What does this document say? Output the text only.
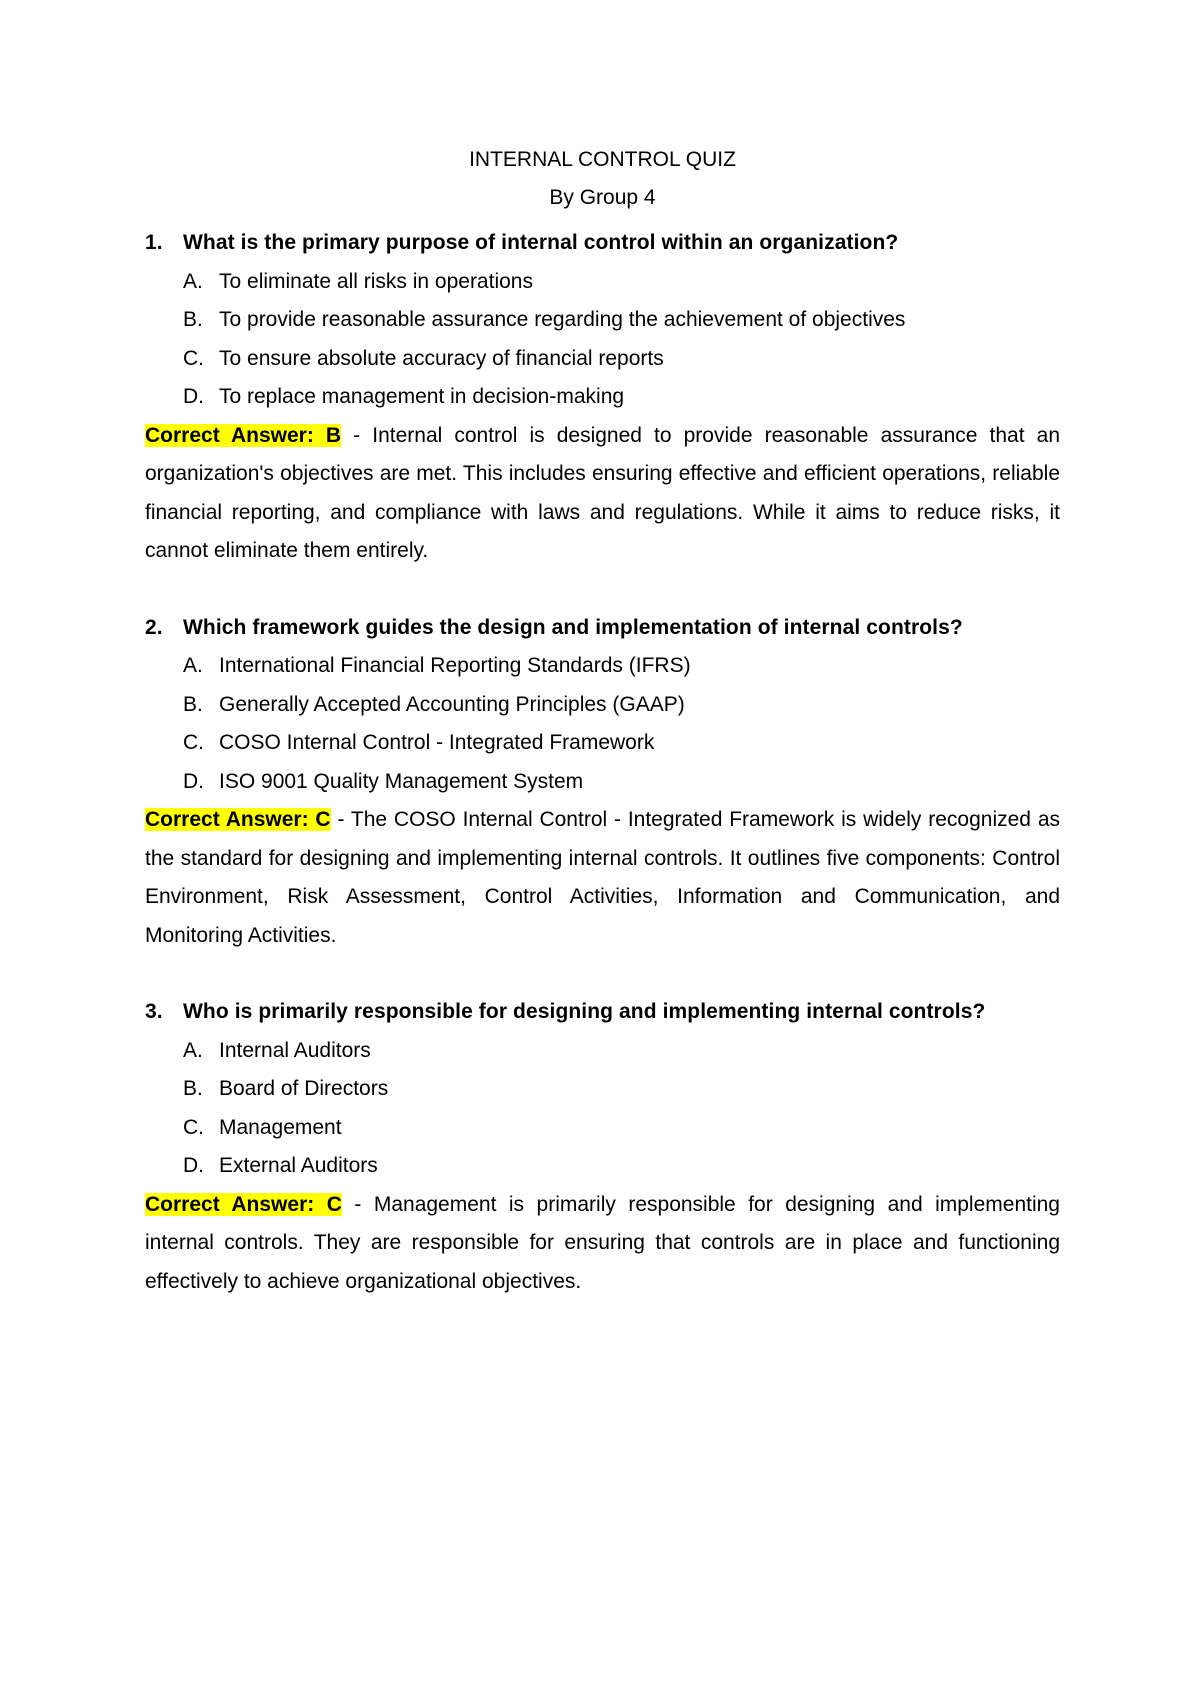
INTERNAL CONTROL QUIZ

By Group 4

1. What is the primary purpose of internal control within an organization?
A. To eliminate all risks in operations
B. To provide reasonable assurance regarding the achievement of objectives
C. To ensure absolute accuracy of financial reports
D. To replace management in decision-making

Correct Answer: B - Internal control is designed to provide reasonable assurance that an organization's objectives are met. This includes ensuring effective and efficient operations, reliable financial reporting, and compliance with laws and regulations. While it aims to reduce risks, it cannot eliminate them entirely.

2. Which framework guides the design and implementation of internal controls?
A. International Financial Reporting Standards (IFRS)
B. Generally Accepted Accounting Principles (GAAP)
C. COSO Internal Control - Integrated Framework
D. ISO 9001 Quality Management System

Correct Answer: C - The COSO Internal Control - Integrated Framework is widely recognized as the standard for designing and implementing internal controls. It outlines five components: Control Environment, Risk Assessment, Control Activities, Information and Communication, and Monitoring Activities.

3. Who is primarily responsible for designing and implementing internal controls?
A. Internal Auditors
B. Board of Directors
C. Management
D. External Auditors

Correct Answer: C - Management is primarily responsible for designing and implementing internal controls. They are responsible for ensuring that controls are in place and functioning effectively to achieve organizational objectives.
